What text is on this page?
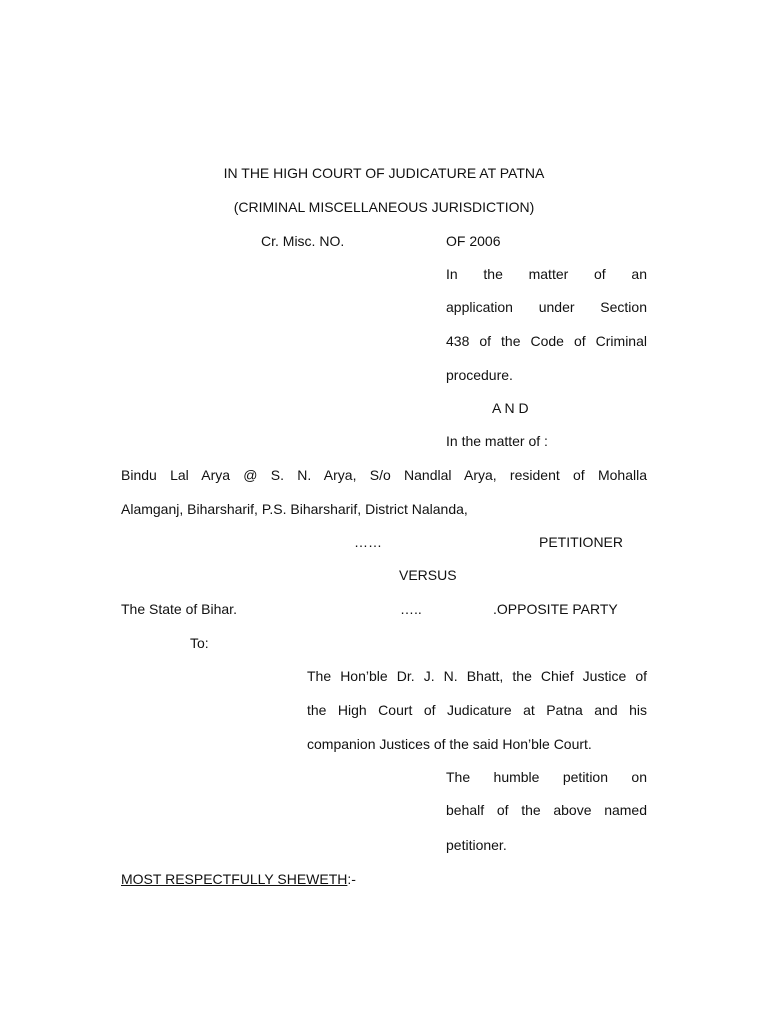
IN THE HIGH COURT OF JUDICATURE AT PATNA
(CRIMINAL MISCELLANEOUS JURISDICTION)
Cr. Misc. NO.	OF 2006
In the matter of an
application under Section
438 of the Code of Criminal
procedure.
A N D
In the matter of :
Bindu Lal Arya @ S. N. Arya, S/o Nandlal Arya, resident of Mohalla
Alamganj, Biharsharif, P.S. Biharsharif, District Nalanda,
……	PETITIONER
VERSUS
The State of Bihar.	…..	.OPPOSITE PARTY
To:
The Hon’ble Dr. J. N. Bhatt, the Chief Justice of
the High Court of Judicature at Patna and his
companion Justices of the said Hon’ble Court.
The humble petition on
behalf of the above named
petitioner.
MOST RESPECTFULLY SHEWETH:-
